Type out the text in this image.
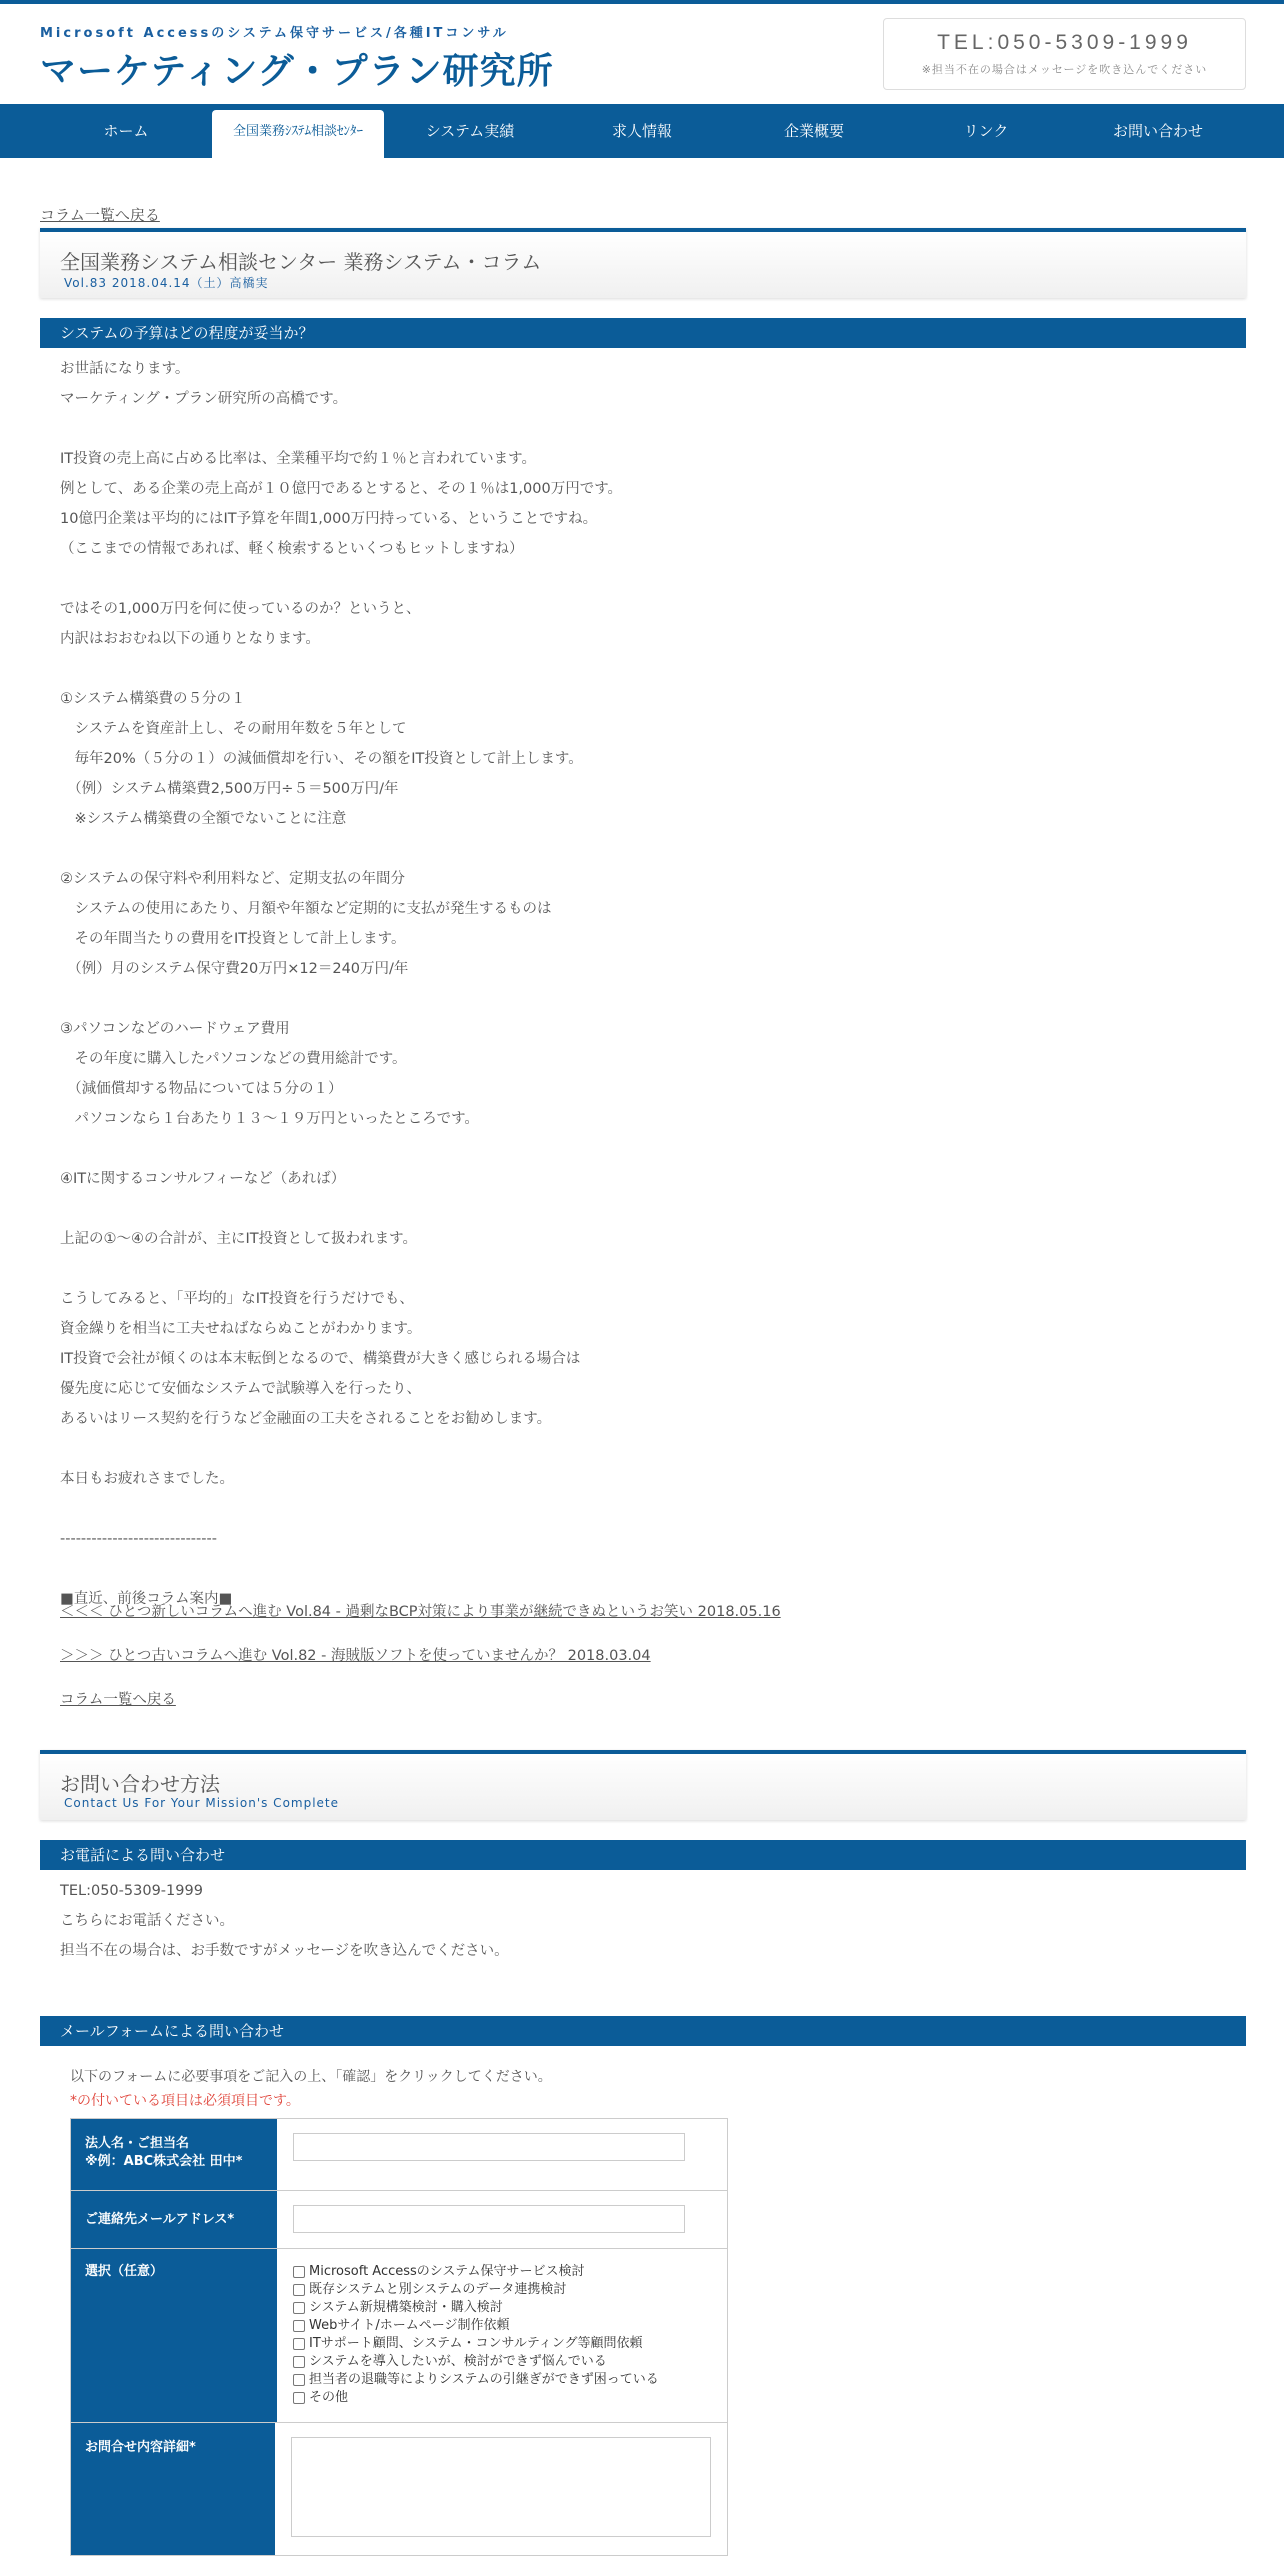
Microsoft Accessのシステム保守サービス/各種ITコンサル
マーケティング・プラン研究所
TEL:050-5309-1999
※担当不在の場合はメッセージを吹き込んでください
ホーム	全国業務ｼｽﾃﾑ相談ｾﾝﾀｰ	システム実績	求人情報	企業概要	リンク	お問い合わせ
コラム一覧へ戻る
全国業務システム相談センター 業務システム・コラム
Vol.83 2018.04.14（土）高橋実
システムの予算はどの程度が妥当か？
お世話になります。
マーケティング・プラン研究所の高橋です。
IT投資の売上高に占める比率は、全業種平均で約１％と言われています。
例として、ある企業の売上高が１０億円であるとすると、その１％は1,000万円です。
10億円企業は平均的にはIT予算を年間1,000万円持っている、ということですね。
（ここまでの情報であれば、軽く検索するといくつもヒットしますね）
ではその1,000万円を何に使っているのか？というと、
内訳はおおむね以下の通りとなります。
①システム構築費の５分の１
　システムを資産計上し、その耐用年数を５年として
　毎年20%（５分の１）の減価償却を行い、その額をIT投資として計上します。
　（例）システム構築費2,500万円÷５＝500万円/年
　※システム構築費の全額でないことに注意
②システムの保守料や利用料など、定期支払の年間分
　システムの使用にあたり、月額や年額など定期的に支払が発生するものは
　その年間当たりの費用をIT投資として計上します。
　（例）月のシステム保守費20万円×12＝240万円/年
③パソコンなどのハードウェア費用
　その年度に購入したパソコンなどの費用総計です。
　（減価償却する物品については５分の１）
　パソコンなら１台あたり１３～１９万円といったところです。
④ITに関するコンサルフィーなど（あれば）
上記の①～④の合計が、主にIT投資として扱われます。
こうしてみると、「平均的」なIT投資を行うだけでも、
資金繰りを相当に工夫せねばならぬことがわかります。
IT投資で会社が傾くのは本末転倒となるので、構築費が大きく感じられる場合は
優先度に応じて安価なシステムで試験導入を行ったり、
あるいはリース契約を行うなど金融面の工夫をされることをお勧めします。
本日もお疲れさまでした。
------------------------------
■直近、前後コラム案内■
＜＜＜ ひとつ新しいコラムへ進む Vol.84 - 過剰なBCP対策により事業が継続できぬというお笑い 2018.05.16
＞＞＞ ひとつ古いコラムへ進む Vol.82 - 海賊版ソフトを使っていませんか？ 2018.03.04
コラム一覧へ戻る
お問い合わせ方法
Contact Us For Your Mission's Complete
お電話による問い合わせ
TEL:050-5309-1999
こちらにお電話ください。
担当不在の場合は、お手数ですがメッセージを吹き込んでください。
メールフォームによる問い合わせ
以下のフォームに必要事項をご記入の上、「確認」をクリックしてください。
*の付いている項目は必須項目です。
法人名・ご担当名
※例：ABC株式会社 田中*
ご連絡先メールアドレス*
選択（任意）	Microsoft Accessのシステム保守サービス検討
既存システムと別システムのデータ連携検討
システム新規構築検討・購入検討
Webサイト/ホームページ制作依頼
ITサポート顧問、システム・コンサルティング等顧問依頼
システムを導入したいが、検討ができず悩んでいる
担当者の退職等によりシステムの引継ぎができず困っている
その他
お問合せ内容詳細*
